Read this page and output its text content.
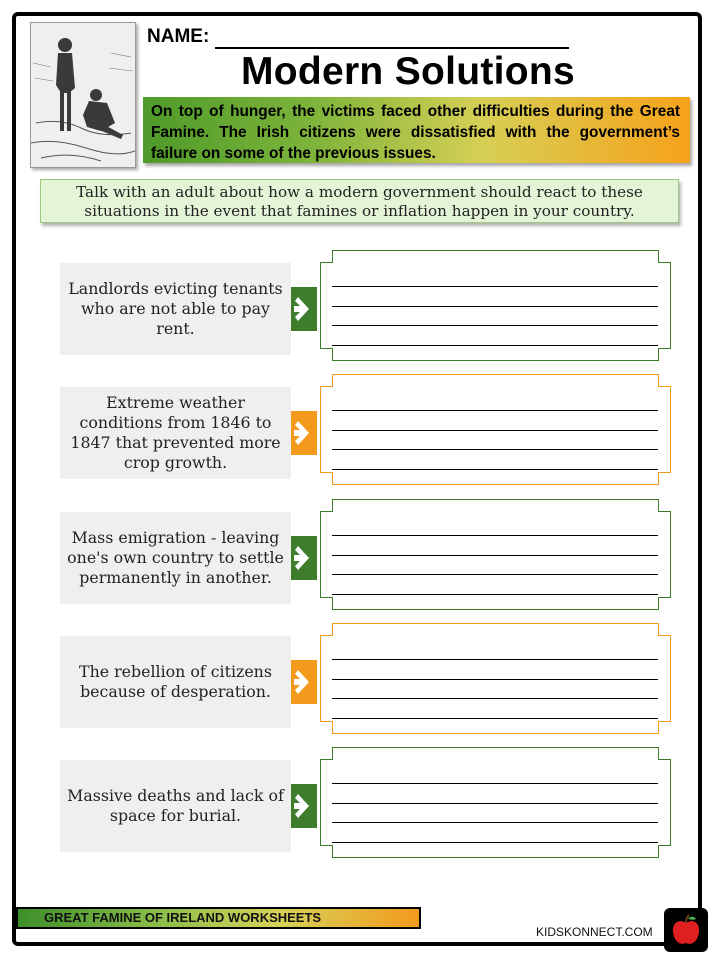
NAME:
Modern Solutions
On top of hunger, the victims faced other difficulties during the Great Famine. The Irish citizens were dissatisfied with the government’s failure on some of the previous issues.
Talk with an adult about how a modern government should react to these situations in the event that famines or inflation happen in your country.
Landlords evicting tenants who are not able to pay rent.
Extreme weather conditions from 1846 to 1847 that prevented more crop growth.
Mass emigration - leaving one's own country to settle permanently in another.
The rebellion of citizens because of desperation.
Massive deaths and lack of space for burial.
GREAT FAMINE OF IRELAND WORKSHEETS
KIDSKONNECT.COM
